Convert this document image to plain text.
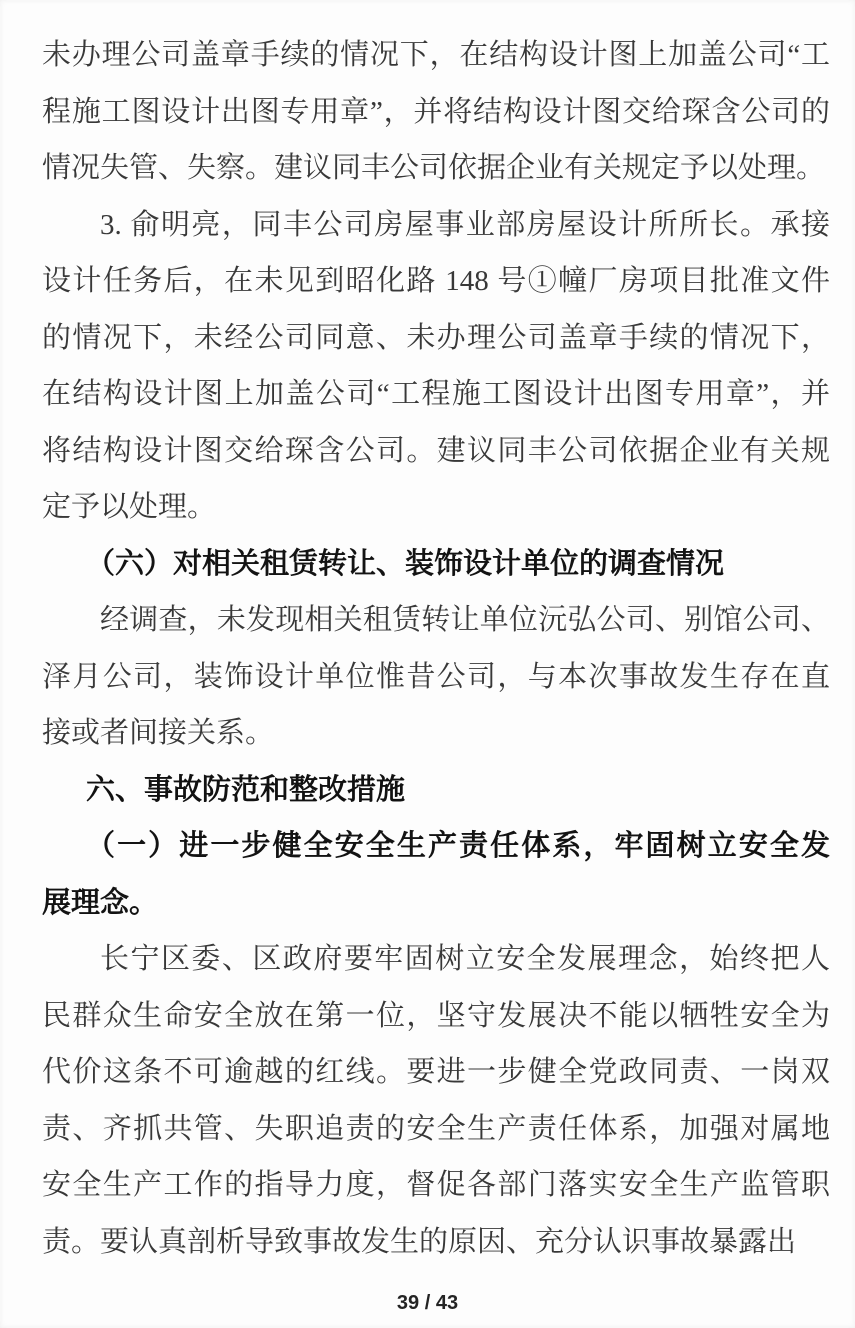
未办理公司盖章手续的情况下，在结构设计图上加盖公司“工
程施工图设计出图专用章”，并将结构设计图交给琛含公司的
情况失管、失察。建议同丰公司依据企业有关规定予以处理。
3. 俞明亮，同丰公司房屋事业部房屋设计所所长。承接
设计任务后，在未见到昭化路 148 号①幢厂房项目批准文件
的情况下，未经公司同意、未办理公司盖章手续的情况下，
在结构设计图上加盖公司“工程施工图设计出图专用章”，并
将结构设计图交给琛含公司。建议同丰公司依据企业有关规
定予以处理。
（六）对相关租赁转让、装饰设计单位的调查情况
经调查，未发现相关租赁转让单位沅弘公司、别馆公司、
泽月公司，装饰设计单位惟昔公司，与本次事故发生存在直
接或者间接关系。
六、事故防范和整改措施
（一）进一步健全安全生产责任体系，牢固树立安全发
展理念。
长宁区委、区政府要牢固树立安全发展理念，始终把人
民群众生命安全放在第一位，坚守发展决不能以牺牲安全为
代价这条不可逾越的红线。要进一步健全党政同责、一岗双
责、齐抓共管、失职追责的安全生产责任体系，加强对属地
安全生产工作的指导力度，督促各部门落实安全生产监管职
责。要认真剖析导致事故发生的原因、充分认识事故暴露出
39 / 43
